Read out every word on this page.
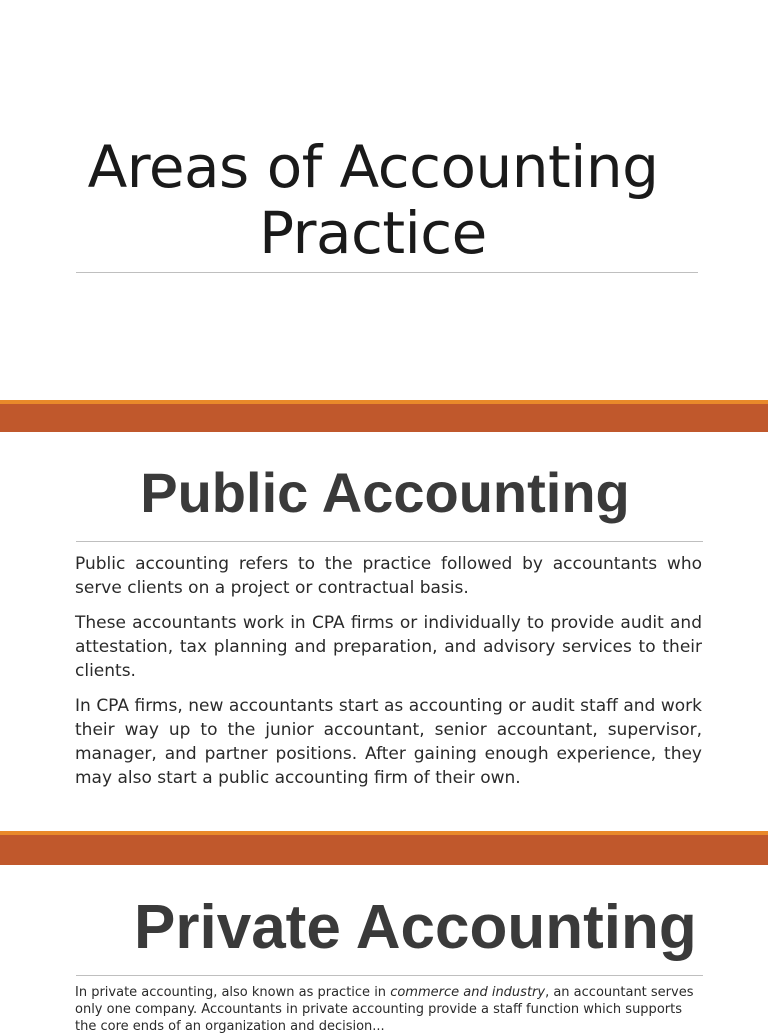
Areas of Accounting
Practice
Public Accounting

Public accounting refers to the practice followed by accountants who serve clients on a project or contractual basis.

These accountants work in CPA firms or individually to provide audit and attestation, tax planning and preparation, and advisory services to their clients.

In CPA firms, new accountants start as accounting or audit staff and work their way up to the junior accountant, senior accountant, supervisor, manager, and partner positions. After gaining enough experience, they may also start a public accounting firm of their own.

Private Accounting

In private accounting, also known as practice in commerce and industry, an accountant serves only one company. Accountants in private accounting provide a staff function which supports the core ends of an organization and decision...
